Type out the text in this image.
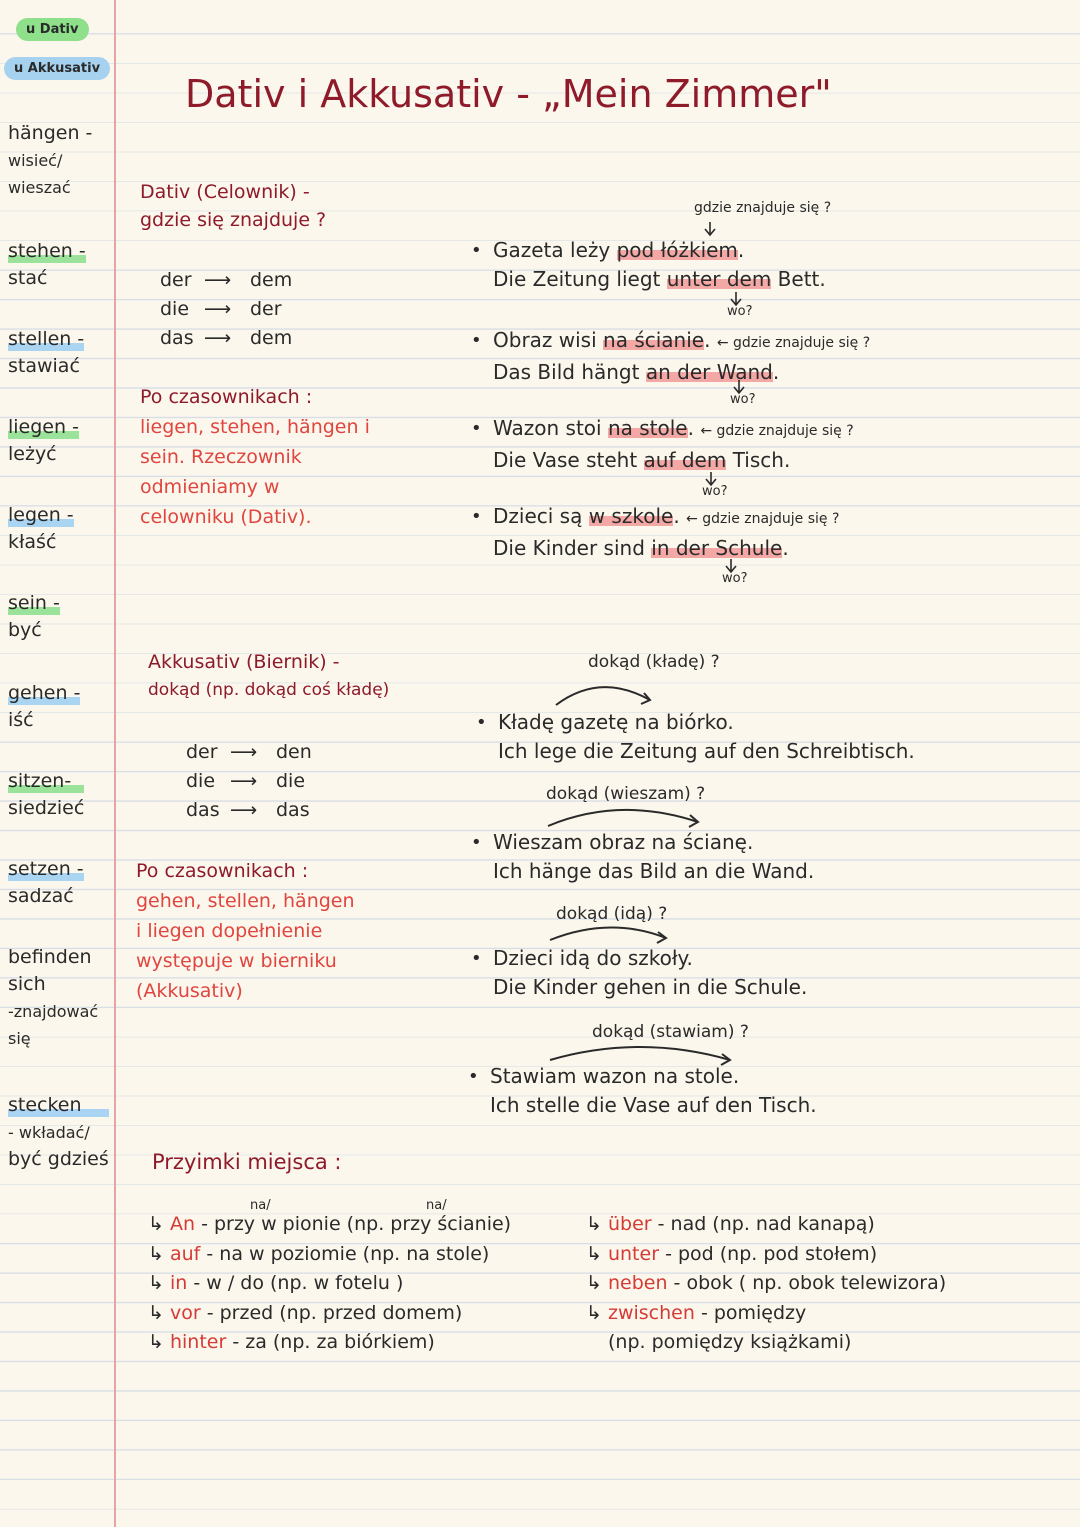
u Dativ
u Akkusativ
hängen -
wisieć/
wieszać
stehen -
stać
stellen -
stawiać
liegen -
leżyć
legen -
kłaść
sein -
być
gehen -
iść
sitzen-
siedzieć
setzen -
sadzać
befinden
sich
-znajdować
się
stecken
- wkładać/
być gdzieś
Dativ i Akkusativ - „Mein Zimmer"
Dativ (Celownik) -
gdzie się znajduje ?
der ⟶ dem
die ⟶ der
das ⟶ dem
Po czasownikach :
liegen, stehen, hängen i
sein. Rzeczownik
odmieniamy w
celowniku (Dativ).
gdzie znajduje się ?
• Gazeta leży pod łóżkiem.
Die Zeitung liegt unter dem Bett.
wo?
• Obraz wisi na ścianie. ← gdzie znajduje się ?
Das Bild hängt an der Wand.
wo?
• Wazon stoi na stole. ← gdzie znajduje się ?
Die Vase steht auf dem Tisch.
wo?
• Dzieci są w szkole. ← gdzie znajduje się ?
Die Kinder sind in der Schule.
wo?
Akkusativ (Biernik) -
dokąd (np. dokąd coś kładę)
der ⟶ den
die ⟶ die
das ⟶ das
Po czasownikach :
gehen, stellen, hängen
i liegen dopełnienie
występuje w bierniku
(Akkusativ)
dokąd (kładę) ?
• Kładę gazetę na biórko.
Ich lege die Zeitung auf den Schreibtisch.
dokąd (wieszam) ?
• Wieszam obraz na ścianę.
Ich hänge das Bild an die Wand.
dokąd (idą) ?
• Dzieci idą do szkoły.
Die Kinder gehen in die Schule.
dokąd (stawiam) ?
• Stawiam wazon na stole.
Ich stelle die Vase auf den Tisch.
Przyimki miejsca :
na/	na/
↳ An - przy w pionie (np. przy ścianie)
↳ auf - na w poziomie (np. na stole)
↳ in - w / do (np. w fotelu )
↳ vor - przed (np. przed domem)
↳ hinter - za (np. za biórkiem)
↳ über - nad (np. nad kanapą)
↳ unter - pod (np. pod stołem)
↳ neben - obok ( np. obok telewizora)
↳ zwischen - pomiędzy
(np. pomiędzy książkami)
